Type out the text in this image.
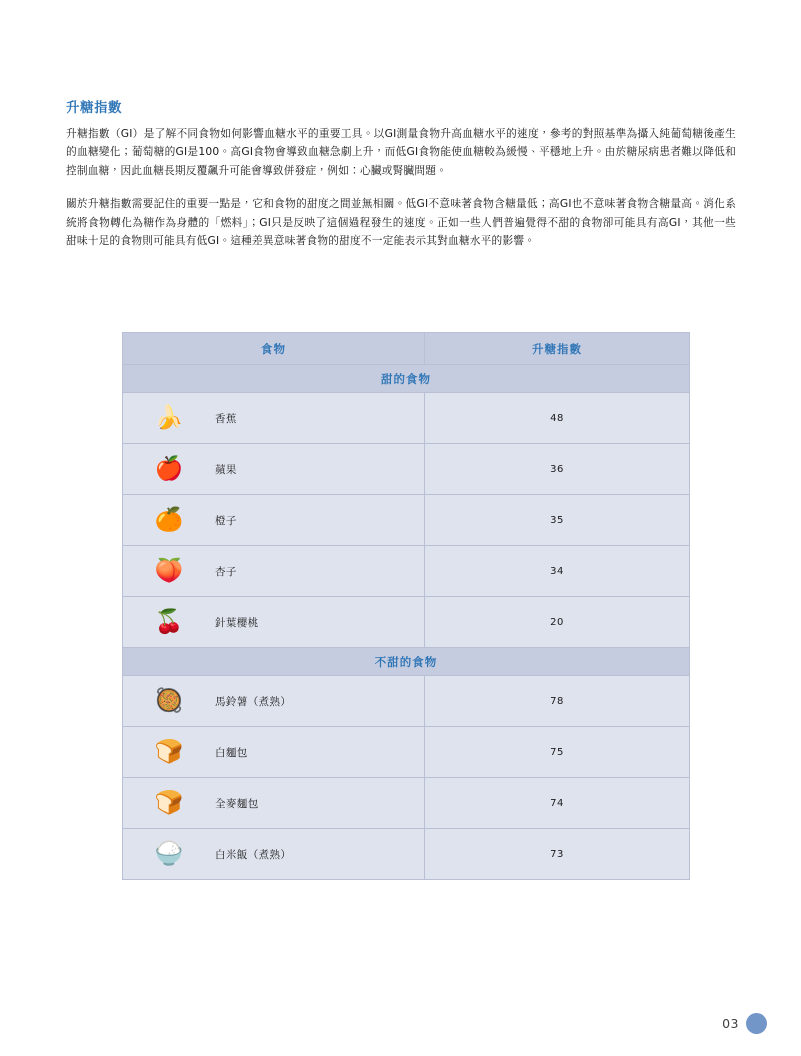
升糖指數

升糖指數（GI）是了解不同食物如何影響血糖水平的重要工具。以GI測量食物升高血糖水平的速度，參考的對照基準為攝入純葡萄糖後產生的血糖變化；葡萄糖的GI是100。高GI食物會導致血糖急劇上升，而低GI食物能使血糖較為緩慢、平穩地上升。由於糖尿病患者難以降低和控制血糖，因此血糖長期反覆飆升可能會導致併發症，例如：心臟或腎臟問題。

關於升糖指數需要記住的重要一點是，它和食物的甜度之間並無相關。低GI不意味著食物含糖量低；高GI也不意味著食物含糖量高。消化系統將食物轉化為糖作為身體的「燃料」；GI只是反映了這個過程發生的速度。正如一些人們普遍覺得不甜的食物卻可能具有高GI，其他一些甜味十足的食物則可能具有低GI。這種差異意味著食物的甜度不一定能表示其對血糖水平的影響。

食物	升糖指數
甜的食物	

🍌 香蕉	48

🍎 蘋果	36

🍊 橙子	35

🍑 杏子	34

🍒 針葉櫻桃	20
不甜的食物	

🥘 馬鈴薯（煮熟）	78

🍞 白麵包	75

🍞 全麥麵包	74

🍚 白米飯（煮熟）	73
03
